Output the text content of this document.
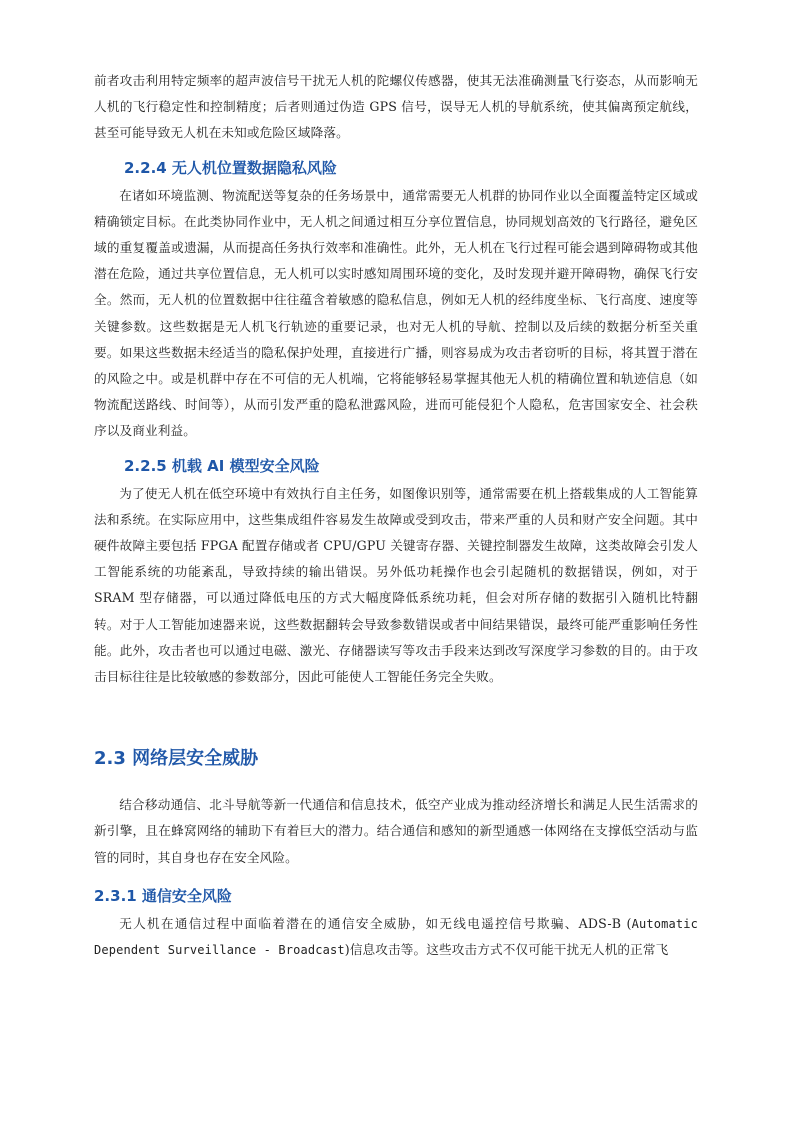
前者攻击利用特定频率的超声波信号干扰无人机的陀螺仪传感器，使其无法准确测量飞行姿态，从而影响无人机的飞行稳定性和控制精度；后者则通过伪造 GPS 信号，误导无人机的导航系统，使其偏离预定航线，甚至可能导致无人机在未知或危险区域降落。

2.2.4 无人机位置数据隐私风险

在诸如环境监测、物流配送等复杂的任务场景中，通常需要无人机群的协同作业以全面覆盖特定区域或精确锁定目标。在此类协同作业中，无人机之间通过相互分享位置信息，协同规划高效的飞行路径，避免区域的重复覆盖或遗漏，从而提高任务执行效率和准确性。此外，无人机在飞行过程可能会遇到障碍物或其他潜在危险，通过共享位置信息，无人机可以实时感知周围环境的变化，及时发现并避开障碍物，确保飞行安全。然而，无人机的位置数据中往往蕴含着敏感的隐私信息，例如无人机的经纬度坐标、飞行高度、速度等关键参数。这些数据是无人机飞行轨迹的重要记录，也对无人机的导航、控制以及后续的数据分析至关重要。如果这些数据未经适当的隐私保护处理，直接进行广播，则容易成为攻击者窃听的目标，将其置于潜在的风险之中。或是机群中存在不可信的无人机端，它将能够轻易掌握其他无人机的精确位置和轨迹信息（如物流配送路线、时间等），从而引发严重的隐私泄露风险，进而可能侵犯个人隐私，危害国家安全、社会秩序以及商业利益。

2.2.5 机载 AI 模型安全风险

为了使无人机在低空环境中有效执行自主任务，如图像识别等，通常需要在机上搭载集成的人工智能算法和系统。在实际应用中，这些集成组件容易发生故障或受到攻击，带来严重的人员和财产安全问题。其中硬件故障主要包括 FPGA 配置存储或者 CPU/GPU 关键寄存器、关键控制器发生故障，这类故障会引发人工智能系统的功能紊乱，导致持续的输出错误。另外低功耗操作也会引起随机的数据错误，例如，对于 SRAM 型存储器，可以通过降低电压的方式大幅度降低系统功耗，但会对所存储的数据引入随机比特翻转。对于人工智能加速器来说，这些数据翻转会导致参数错误或者中间结果错误，最终可能严重影响任务性能。此外，攻击者也可以通过电磁、激光、存储器读写等攻击手段来达到改写深度学习参数的目的。由于攻击目标往往是比较敏感的参数部分，因此可能使人工智能任务完全失败。

2.3 网络层安全威胁

结合移动通信、北斗导航等新一代通信和信息技术，低空产业成为推动经济增长和满足人民生活需求的新引擎，且在蜂窝网络的辅助下有着巨大的潜力。结合通信和感知的新型通感一体网络在支撑低空活动与监管的同时，其自身也存在安全风险。

2.3.1 通信安全风险

无人机在通信过程中面临着潜在的通信安全威胁，如无线电遥控信号欺骗、ADS-B (Automatic Dependent Surveillance - Broadcast)信息攻击等。这些攻击方式不仅可能干扰无人机的正常飞
